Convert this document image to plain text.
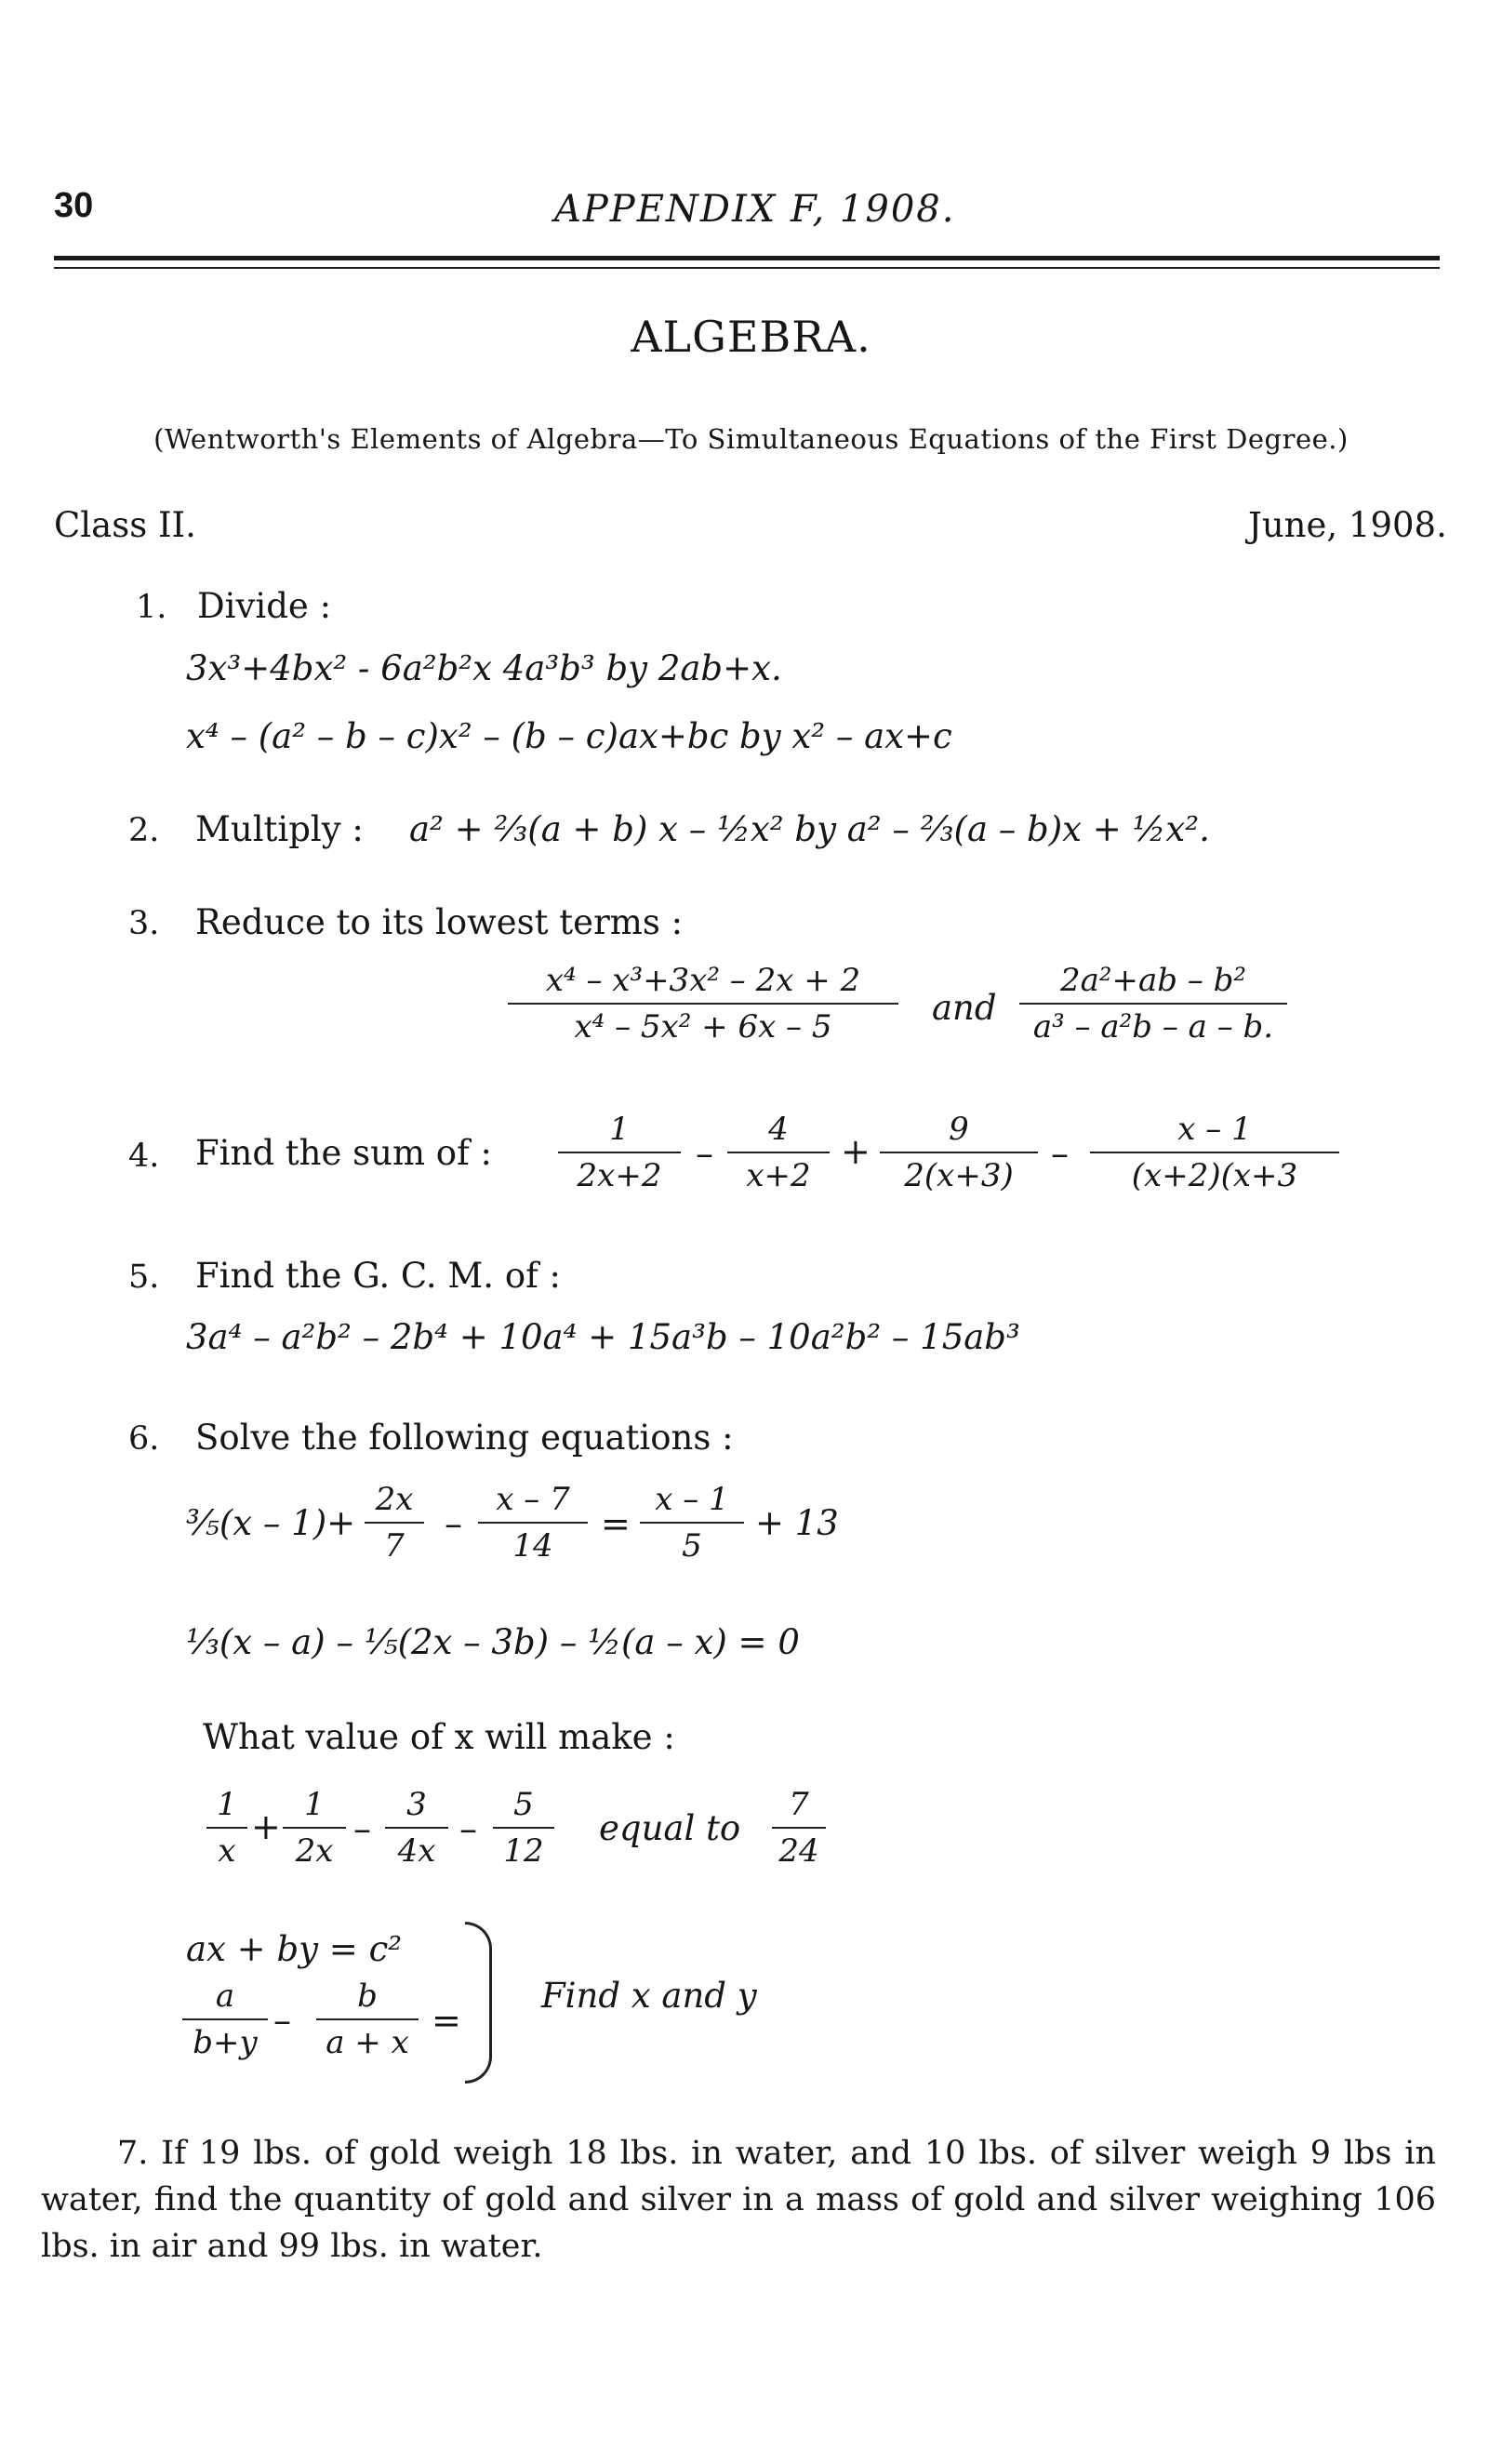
30	APPENDIX F, 1908.
ALGEBRA.
(Wentworth's Elements of Algebra—To Simultaneous Equations of the First Degree.)
Class II.	June, 1908.
1. Divide :
3x³+4bx² - 6a²b²x 4a³b³ by 2ab+x.
x⁴ – (a² – b – c)x² – (b – c)ax+bc by x² – ax+c
2. Multiply : a² + ⅔(a + b) x – ½x² by a² – ⅔(a – b)x + ½x².
3. Reduce to its lowest terms :
x⁴ – x³+3x² – 2x + 2
x⁴ – 5x² + 6x – 5	and
2a²+ab – b²
a³ – a²b – a – b.
4. Find the sum of :
1
2x+2
–
4
x+2
+
9
2(x+3)
–
x – 1
(x+2)(x+3
5. Find the G. C. M. of :
3a⁴ – a²b² – 2b⁴ + 10a⁴ + 15a³b – 10a²b² – 15ab³
6. Solve the following equations :
⅗(x – 1)+
2x
7
–
x – 7
14
=
x – 1
5
+ 13
⅓(x – a) – ⅕(2x – 3b) – ½(a – x) = 0
What value of x will make :
1
x
+
1
2x
–
3
4x
–
5
12
equal to
7
24
ax + by = c²
a
b+y
–
b
a + x
=
Find x and y
7. If 19 lbs. of gold weigh 18 lbs. in water, and 10 lbs. of silver weigh 9 lbs in water, find the quantity of gold and silver in a mass of gold and silver weighing 106 lbs. in air and 99 lbs. in water.
